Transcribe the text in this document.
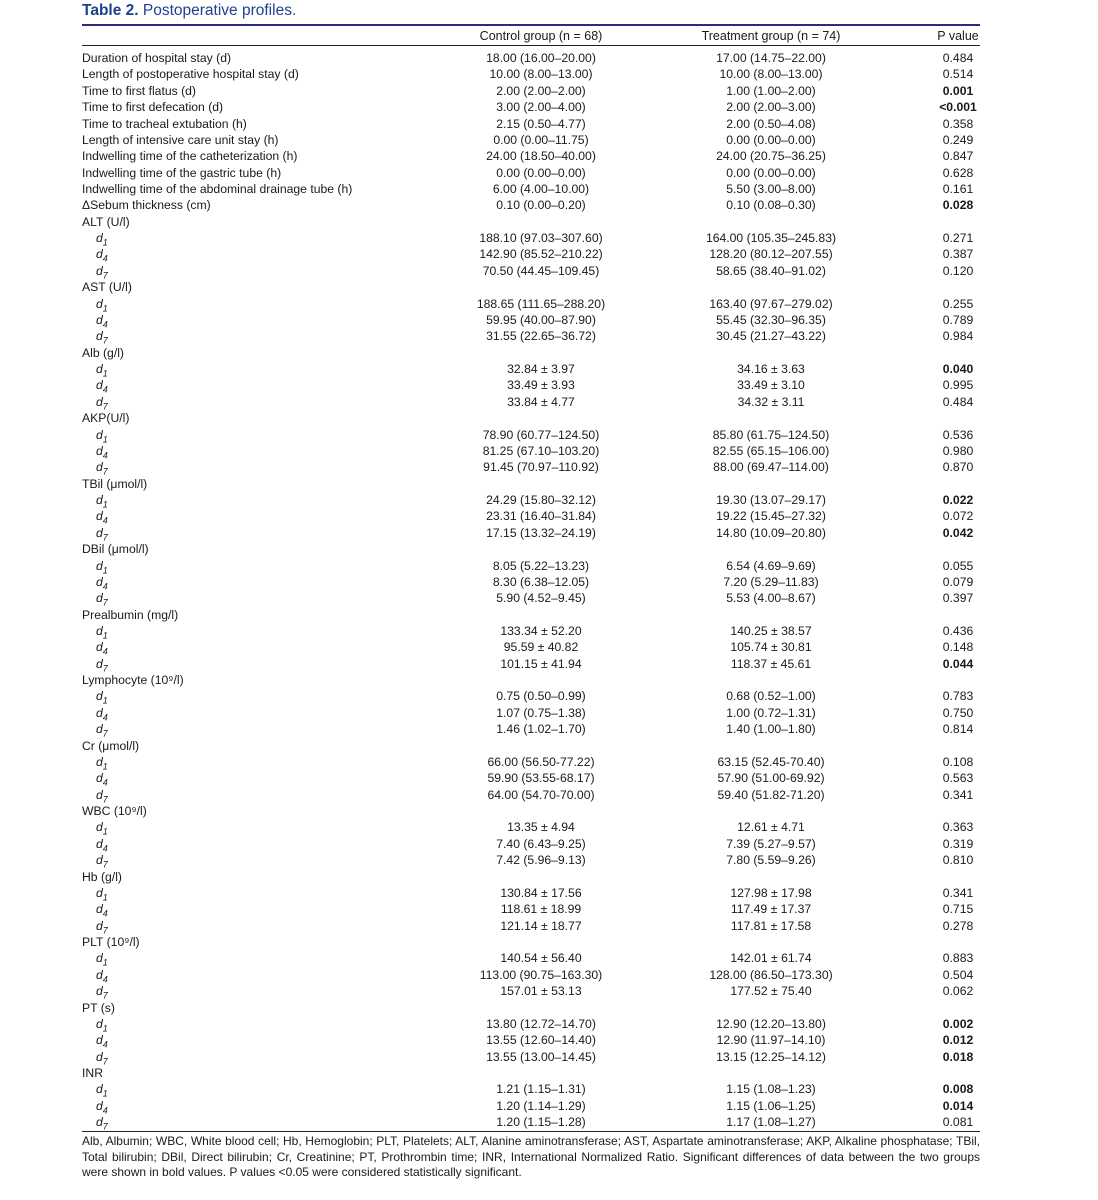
Table 2. Postoperative profiles.
Control group (n = 68)	Treatment group (n = 74)	P value
Duration of hospital stay (d)	18.00 (16.00–20.00)	17.00 (14.75–22.00)	0.484
Length of postoperative hospital stay (d)	10.00 (8.00–13.00)	10.00 (8.00–13.00)	0.514
Time to first flatus (d)	2.00 (2.00–2.00)	1.00 (1.00–2.00)	0.001
Time to first defecation (d)	3.00 (2.00–4.00)	2.00 (2.00–3.00)	<0.001
Time to tracheal extubation (h)	2.15 (0.50–4.77)	2.00 (0.50–4.08)	0.358
Length of intensive care unit stay (h)	0.00 (0.00–11.75)	0.00 (0.00–0.00)	0.249
Indwelling time of the catheterization (h)	24.00 (18.50–40.00)	24.00 (20.75–36.25)	0.847
Indwelling time of the gastric tube (h)	0.00 (0.00–0.00)	0.00 (0.00–0.00)	0.628
Indwelling time of the abdominal drainage tube (h)	6.00 (4.00–10.00)	5.50 (3.00–8.00)	0.161
ΔSebum thickness (cm)	0.10 (0.00–0.20)	0.10 (0.08–0.30)	0.028
ALT (U/l)
$d_1$	188.10 (97.03–307.60)	164.00 (105.35–245.83)	0.271
$d_4$	142.90 (85.52–210.22)	128.20 (80.12–207.55)	0.387
$d_7$	70.50 (44.45–109.45)	58.65 (38.40–91.02)	0.120
AST (U/l)
$d_1$	188.65 (111.65–288.20)	163.40 (97.67–279.02)	0.255
$d_4$	59.95 (40.00–87.90)	55.45 (32.30–96.35)	0.789
$d_7$	31.55 (22.65–36.72)	30.45 (21.27–43.22)	0.984
Alb (g/l)
$d_1$	32.84 ± 3.97	34.16 ± 3.63	0.040
$d_4$	33.49 ± 3.93	33.49 ± 3.10	0.995
$d_7$	33.84 ± 4.77	34.32 ± 3.11	0.484
AKP(U/l)
$d_1$	78.90 (60.77–124.50)	85.80 (61.75–124.50)	0.536
$d_4$	81.25 (67.10–103.20)	82.55 (65.15–106.00)	0.980
$d_7$	91.45 (70.97–110.92)	88.00 (69.47–114.00)	0.870
TBil (μmol/l)
$d_1$	24.29 (15.80–32.12)	19.30 (13.07–29.17)	0.022
$d_4$	23.31 (16.40–31.84)	19.22 (15.45–27.32)	0.072
$d_7$	17.15 (13.32–24.19)	14.80 (10.09–20.80)	0.042
DBil (μmol/l)
$d_1$	8.05 (5.22–13.23)	6.54 (4.69–9.69)	0.055
$d_4$	8.30 (6.38–12.05)	7.20 (5.29–11.83)	0.079
$d_7$	5.90 (4.52–9.45)	5.53 (4.00–8.67)	0.397
Prealbumin (mg/l)
$d_1$	133.34 ± 52.20	140.25 ± 38.57	0.436
$d_4$	95.59 ± 40.82	105.74 ± 30.81	0.148
$d_7$	101.15 ± 41.94	118.37 ± 45.61	0.044
Lymphocyte (10⁹/l)
$d_1$	0.75 (0.50–0.99)	0.68 (0.52–1.00)	0.783
$d_4$	1.07 (0.75–1.38)	1.00 (0.72–1.31)	0.750
$d_7$	1.46 (1.02–1.70)	1.40 (1.00–1.80)	0.814
Cr (μmol/l)
$d_1$	66.00 (56.50-77.22)	63.15 (52.45-70.40)	0.108
$d_4$	59.90 (53.55-68.17)	57.90 (51.00-69.92)	0.563
$d_7$	64.00 (54.70-70.00)	59.40 (51.82-71.20)	0.341
WBC (10⁹/l)
$d_1$	13.35 ± 4.94	12.61 ± 4.71	0.363
$d_4$	7.40 (6.43–9.25)	7.39 (5.27–9.57)	0.319
$d_7$	7.42 (5.96–9.13)	7.80 (5.59–9.26)	0.810
Hb (g/l)
$d_1$	130.84 ± 17.56	127.98 ± 17.98	0.341
$d_4$	118.61 ± 18.99	117.49 ± 17.37	0.715
$d_7$	121.14 ± 18.77	117.81 ± 17.58	0.278
PLT (10⁹/l)
$d_1$	140.54 ± 56.40	142.01 ± 61.74	0.883
$d_4$	113.00 (90.75–163.30)	128.00 (86.50–173.30)	0.504
$d_7$	157.01 ± 53.13	177.52 ± 75.40	0.062
PT (s)
$d_1$	13.80 (12.72–14.70)	12.90 (12.20–13.80)	0.002
$d_4$	13.55 (12.60–14.40)	12.90 (11.97–14.10)	0.012
$d_7$	13.55 (13.00–14.45)	13.15 (12.25–14.12)	0.018
INR
$d_1$	1.21 (1.15–1.31)	1.15 (1.08–1.23)	0.008
$d_4$	1.20 (1.14–1.29)	1.15 (1.06–1.25)	0.014
$d_7$	1.20 (1.15–1.28)	1.17 (1.08–1.27)	0.081
Alb, Albumin; WBC, White blood cell; Hb, Hemoglobin; PLT, Platelets; ALT, Alanine aminotransferase; AST, Aspartate aminotransferase; AKP, Alkaline phosphatase; TBil, Total bilirubin; DBil, Direct bilirubin; Cr, Creatinine; PT, Prothrombin time; INR, International Normalized Ratio. Significant differences of data between the two groups were shown in bold values. P values <0.05 were considered statistically significant.
